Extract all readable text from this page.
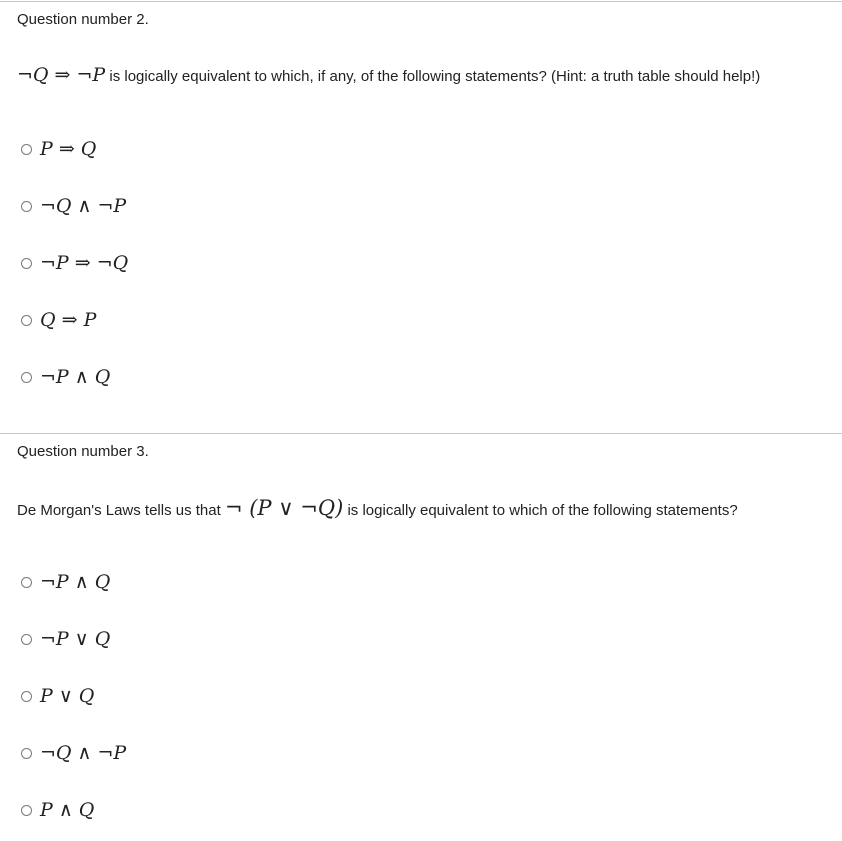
Question number 2.
¬Q ⇒ ¬P is logically equivalent to which, if any, of the following statements? (Hint: a truth table should help!)
P ⇒ Q
¬Q ∧ ¬P
¬P ⇒ ¬Q
Q ⇒ P
¬P ∧ Q
Question number 3.
De Morgan's Laws tells us that ¬ (P ∨ ¬Q) is logically equivalent to which of the following statements?
¬P ∧ Q
¬P ∨ Q
P ∨ Q
¬Q ∧ ¬P
P ∧ Q
